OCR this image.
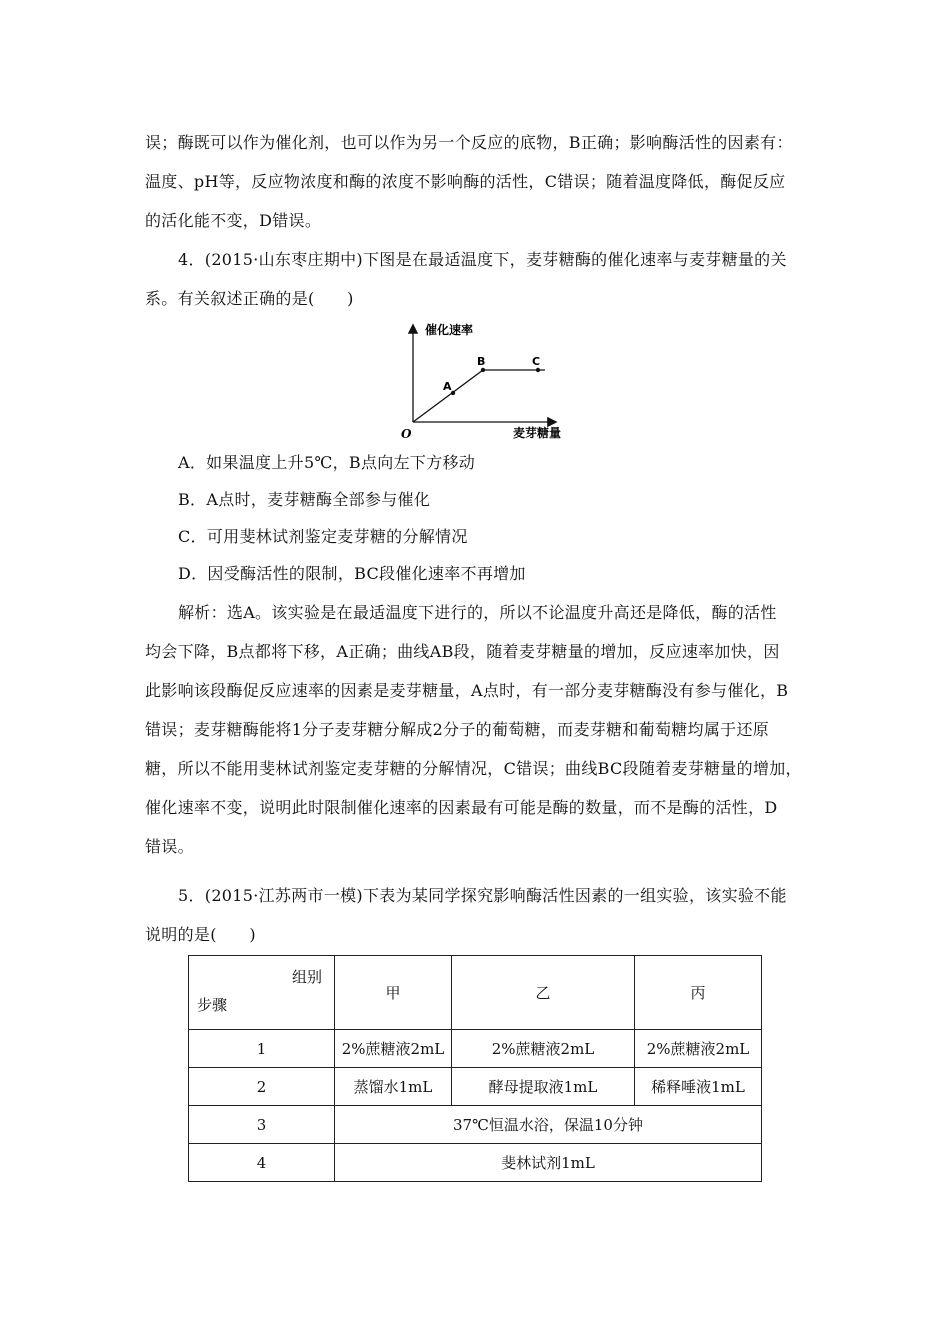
误；酶既可以作为催化剂，也可以作为另一个反应的底物，B正确；影响酶活性的因素有：
温度、pH等，反应物浓度和酶的浓度不影响酶的活性，C错误；随着温度降低，酶促反应
的活化能不变，D错误。
4．(2015·山东枣庄期中)下图是在最适温度下，麦芽糖酶的催化速率与麦芽糖量的关
系。有关叙述正确的是(　　)
催化速率
麦芽糖量
O
A
B	C
A．如果温度上升5℃，B点向左下方移动
B．A点时，麦芽糖酶全部参与催化
C．可用斐林试剂鉴定麦芽糖的分解情况
D．因受酶活性的限制，BC段催化速率不再增加
解析：选A。该实验是在最适温度下进行的，所以不论温度升高还是降低，酶的活性
均会下降，B点都将下移，A正确；曲线AB段，随着麦芽糖量的增加，反应速率加快，因
此影响该段酶促反应速率的因素是麦芽糖量，A点时，有一部分麦芽糖酶没有参与催化，B
错误；麦芽糖酶能将1分子麦芽糖分解成2分子的葡萄糖，而麦芽糖和葡萄糖均属于还原
糖，所以不能用斐林试剂鉴定麦芽糖的分解情况，C错误；曲线BC段随着麦芽糖量的增加，
催化速率不变，说明此时限制催化速率的因素最有可能是酶的数量，而不是酶的活性，D
错误。
5．(2015·江苏两市一模)下表为某同学探究影响酶活性因素的一组实验，该实验不能
说明的是(　　)
组别
步骤	甲	乙	丙
1	2%蔗糖液2mL	2%蔗糖液2mL	2%蔗糖液2mL
2	蒸馏水1mL	酵母提取液1mL	稀释唾液1mL
3	37℃恒温水浴，保温10分钟		
4	斐林试剂1mL		
